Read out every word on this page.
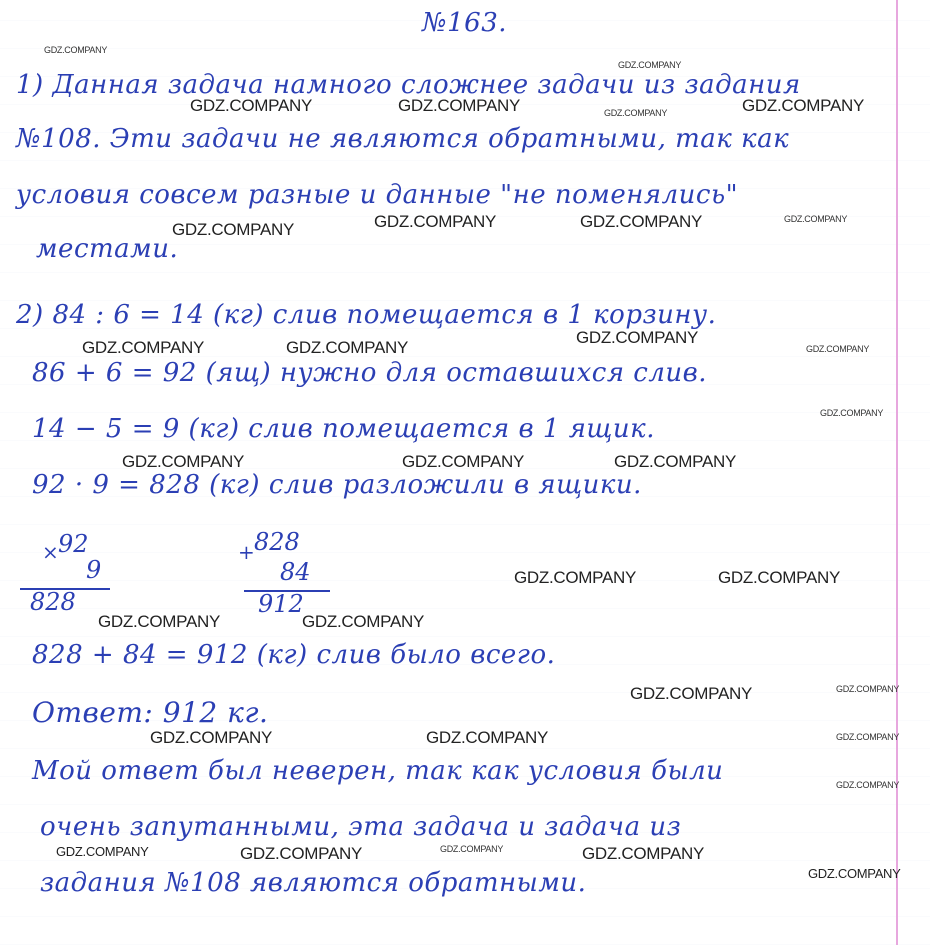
№163.
1) Данная задача намного сложнее задачи из задания
№108. Эти задачи не являются обратными, так как
условия совсем разные и данные "не поменялись"
местами.
2) 84 : 6 = 14 (кг) слив помещается в 1 корзину.
86 + 6 = 92 (ящ) нужно для оставшихся слив.
14 − 5 = 9 (кг) слив помещается в 1 ящик.
92 · 9 = 828 (кг) слив разложили в ящики.
× 92
9
828
+ 828
84
912
828 + 84 = 912 (кг) слив было всего.
Ответ: 912 кг.
Мой ответ был неверен, так как условия были
очень запутанными, эта задача и задача из
задания №108 являются обратными.
GDZ.COMPANY
GDZ.COMPANY
GDZ.COMPANY	GDZ.COMPANY	GDZ.COMPANY	GDZ.COMPANY
GDZ.COMPANY	GDZ.COMPANY	GDZ.COMPANY	GDZ.COMPANY
GDZ.COMPANY
GDZ.COMPANY	GDZ.COMPANY	GDZ.COMPANY
GDZ.COMPANY
GDZ.COMPANY	GDZ.COMPANY	GDZ.COMPANY
GDZ.COMPANY	GDZ.COMPANY
GDZ.COMPANY	GDZ.COMPANY
GDZ.COMPANY	GDZ.COMPANY
GDZ.COMPANY	GDZ.COMPANY	GDZ.COMPANY
GDZ.COMPANY
GDZ.COMPANY	GDZ.COMPANY	GDZ.COMPANY	GDZ.COMPANY
GDZ.COMPANY
